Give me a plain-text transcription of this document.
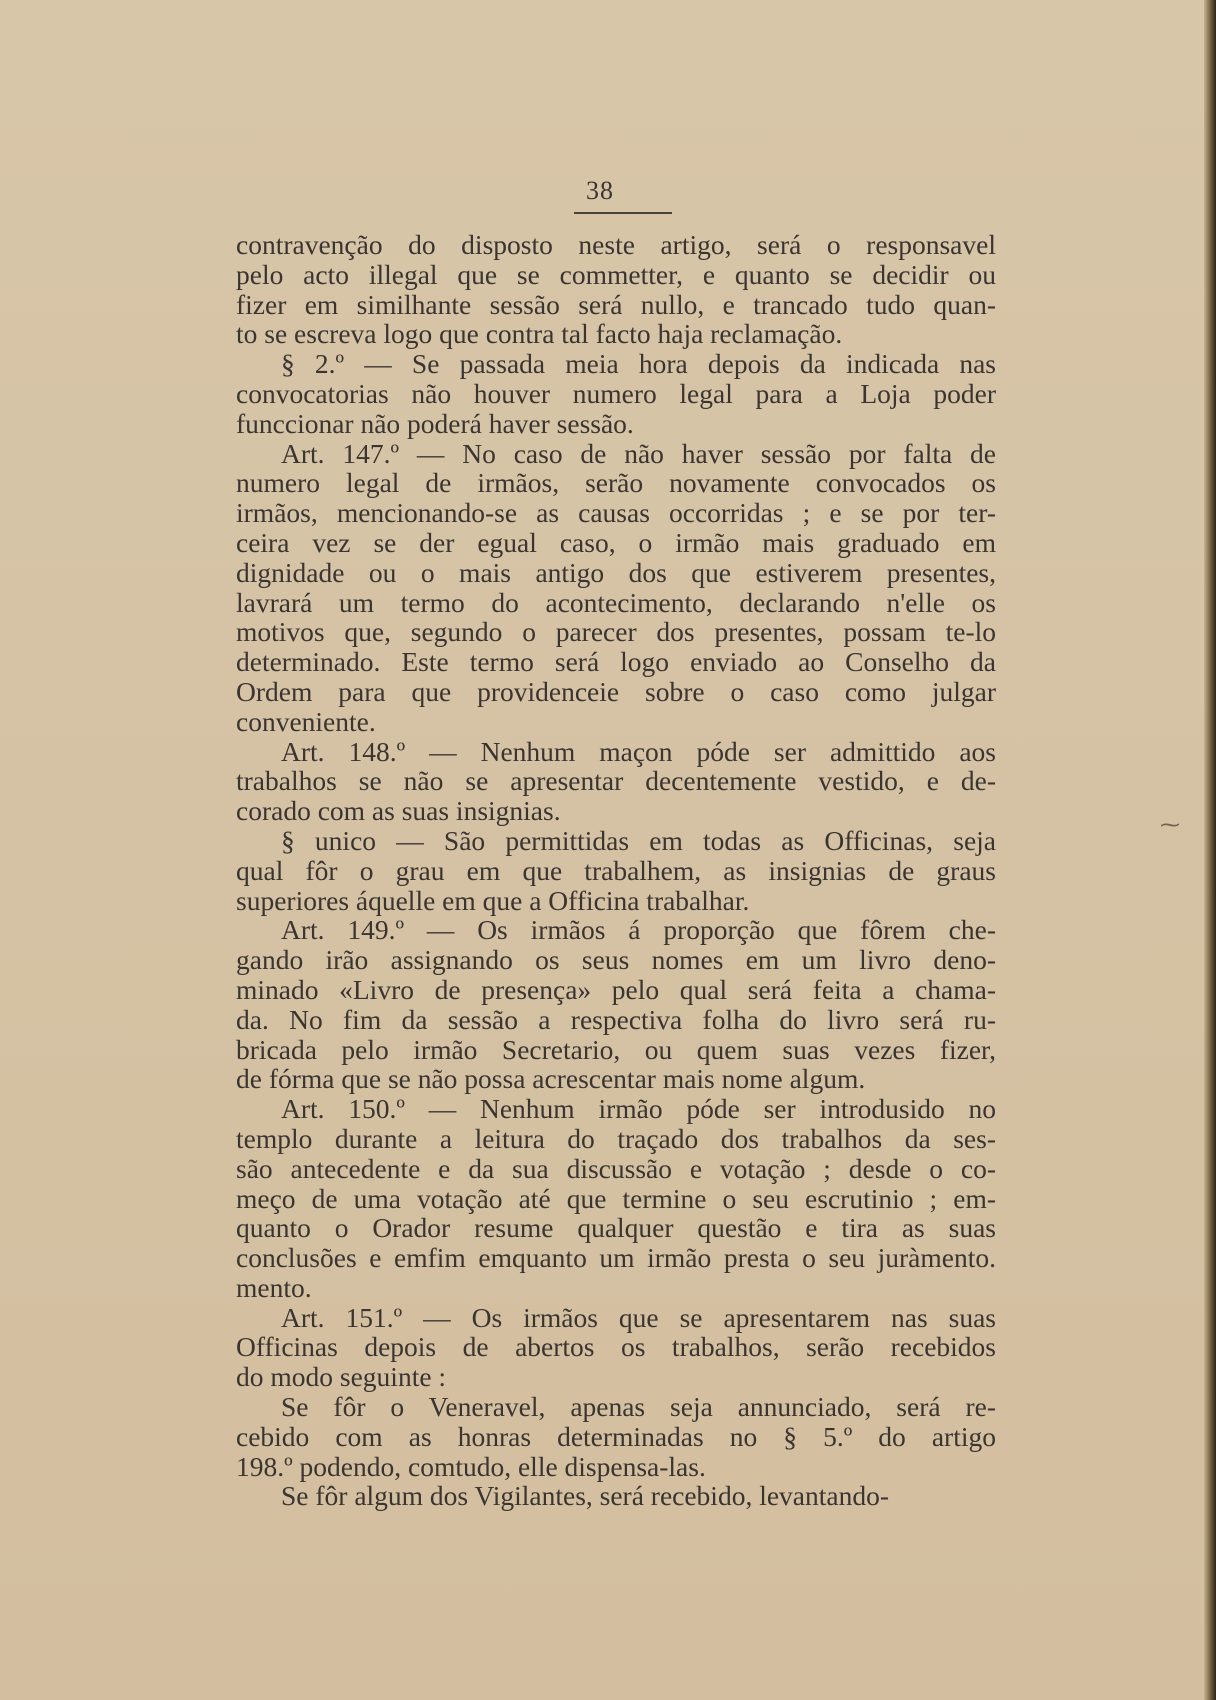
38
contravenção do disposto neste artigo, será o responsavel
pelo acto illegal que se commetter, e quanto se decidir ou
fizer em similhante sessão será nullo, e trancado tudo quan-
to se escreva logo que contra tal facto haja reclamação.
§ 2.º — Se passada meia hora depois da indicada nas
convocatorias não houver numero legal para a Loja poder
funccionar não poderá haver sessão.
Art. 147.º — No caso de não haver sessão por falta de
numero legal de irmãos, serão novamente convocados os
irmãos, mencionando-se as causas occorridas ; e se por ter-
ceira vez se der egual caso, o irmão mais graduado em
dignidade ou o mais antigo dos que estiverem presentes,
lavrará um termo do acontecimento, declarando n'elle os
motivos que, segundo o parecer dos presentes, possam te-lo
determinado. Este termo será logo enviado ao Conselho da
Ordem para que providenceie sobre o caso como julgar
conveniente.
Art. 148.º — Nenhum maçon póde ser admittido aos
trabalhos se não se apresentar decentemente vestido, e de-
corado com as suas insignias.
§ unico — São permittidas em todas as Officinas, seja
qual fôr o grau em que trabalhem, as insignias de graus
superiores áquelle em que a Officina trabalhar.
Art. 149.º — Os irmãos á proporção que fôrem che-
gando irão assignando os seus nomes em um livro deno-
minado «Livro de presença» pelo qual será feita a chama-
da. No fim da sessão a respectiva folha do livro será ru-
bricada pelo irmão Secretario, ou quem suas vezes fizer,
de fórma que se não possa acrescentar mais nome algum.
Art. 150.º — Nenhum irmão póde ser introdusido no
templo durante a leitura do traçado dos trabalhos da ses-
são antecedente e da sua discussão e votação ; desde o co-
meço de uma votação até que termine o seu escrutinio ; em-
quanto o Orador resume qualquer questão e tira as suas
conclusões e emfim emquanto um irmão presta o seu juràmento.
mento.
Art. 151.º — Os irmãos que se apresentarem nas suas
Officinas depois de abertos os trabalhos, serão recebidos
do modo seguinte :
Se fôr o Veneravel, apenas seja annunciado, será re-
cebido com as honras determinadas no § 5.º do artigo
198.º podendo, comtudo, elle dispensa-las.
Se fôr algum dos Vigilantes, será recebido, levantando-
⁓
